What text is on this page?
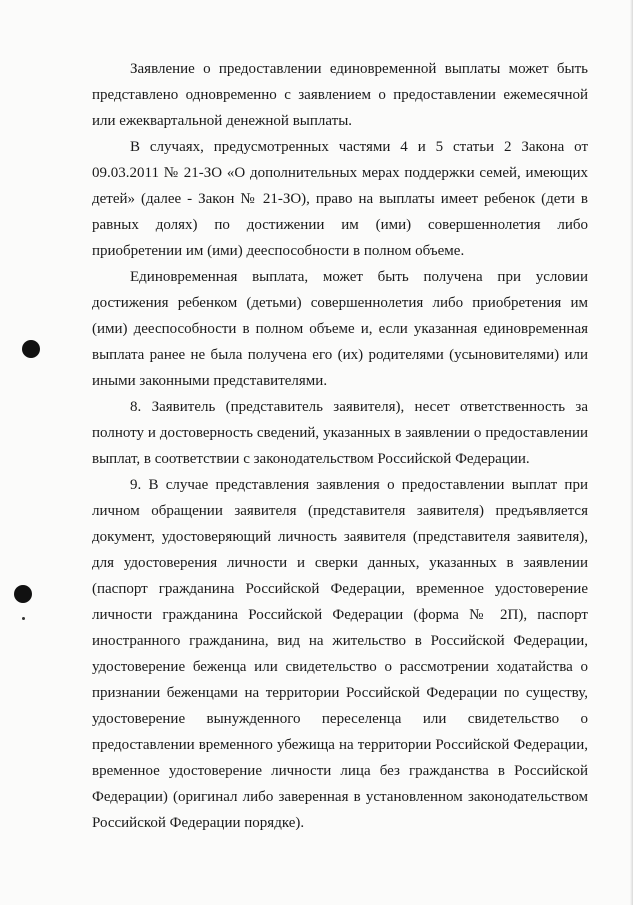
Заявление о предоставлении единовременной выплаты может быть представлено одновременно с заявлением о предоставлении ежемесячной или ежеквартальной денежной выплаты.

В случаях, предусмотренных частями 4 и 5 статьи 2 Закона от 09.03.2011 № 21-ЗО «О дополнительных мерах поддержки семей, имеющих детей» (далее - Закон № 21-ЗО), право на выплаты имеет ребенок (дети в равных долях) по достижении им (ими) совершеннолетия либо приобретении им (ими) дееспособности в полном объеме.

Единовременная выплата, может быть получена при условии достижения ребенком (детьми) совершеннолетия либо приобретения им (ими) дееспособности в полном объеме и, если указанная единовременная выплата ранее не была получена его (их) родителями (усыновителями) или иными законными представителями.

8. Заявитель (представитель заявителя), несет ответственность за полноту и достоверность сведений, указанных в заявлении о предоставлении выплат, в соответствии с законодательством Российской Федерации.

9. В случае представления заявления о предоставлении выплат при личном обращении заявителя (представителя заявителя) предъявляется документ, удостоверяющий личность заявителя (представителя заявителя), для удостоверения личности и сверки данных, указанных в заявлении (паспорт гражданина Российской Федерации, временное удостоверение личности гражданина Российской Федерации (форма № 2П), паспорт иностранного гражданина, вид на жительство в Российской Федерации, удостоверение беженца или свидетельство о рассмотрении ходатайства о признании беженцами на территории Российской Федерации по существу, удостоверение вынужденного переселенца или свидетельство о предоставлении временного убежища на территории Российской Федерации, временное удостоверение личности лица без гражданства в Российской Федерации) (оригинал либо заверенная в установленном законодательством Российской Федерации порядке).
